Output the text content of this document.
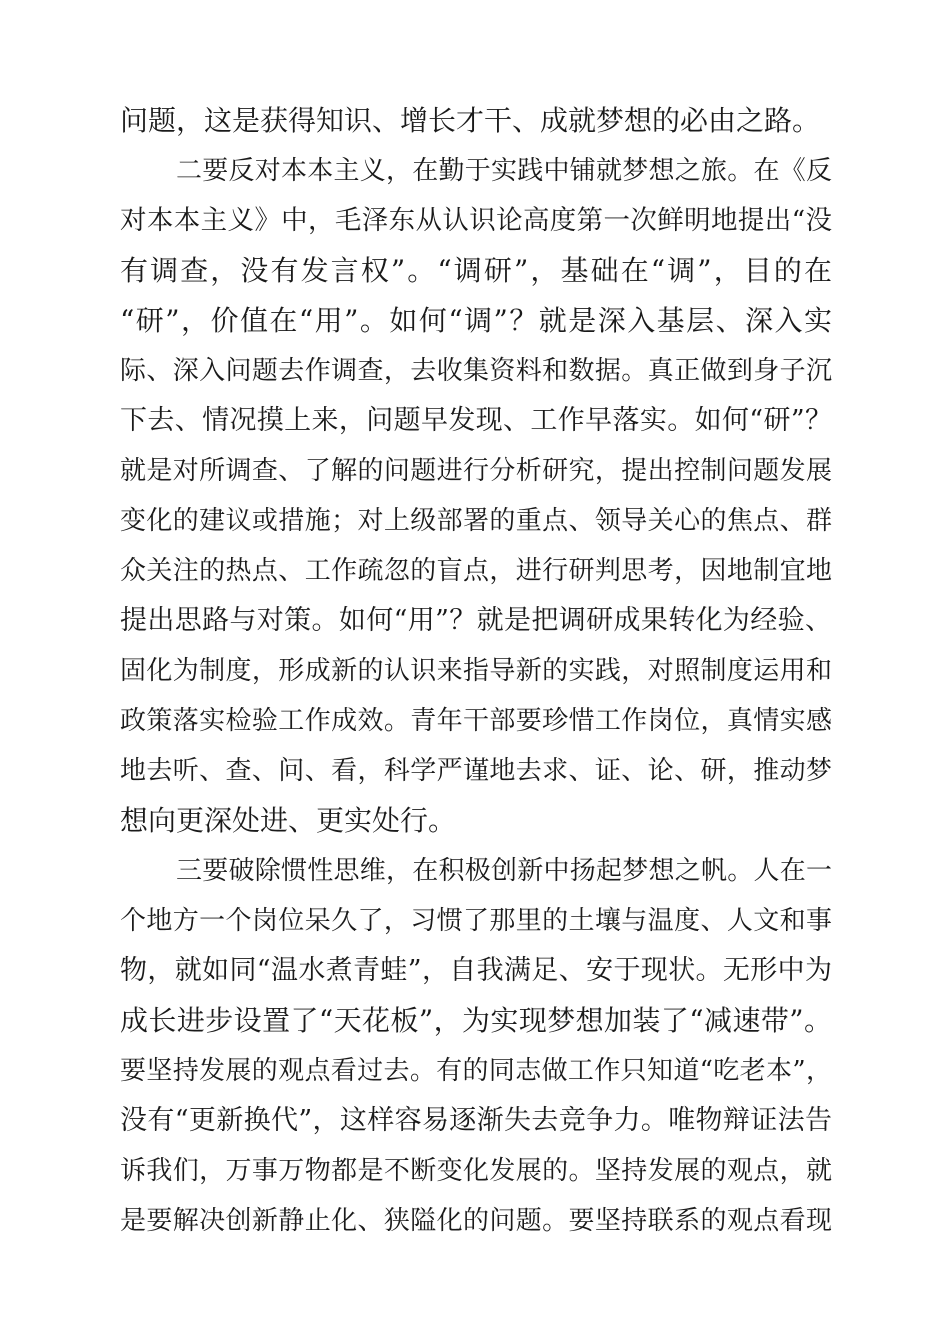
问题，这是获得知识、增长才干、成就梦想的必由之路。
二要反对本本主义，在勤于实践中铺就梦想之旅。在《反
对本本主义》中，毛泽东从认识论高度第一次鲜明地提出“没
有调查，没有发言权”。“调研”，基础在“调”，目的在
“研”，价值在“用”。如何“调”？就是深入基层、深入实
际、深入问题去作调查，去收集资料和数据。真正做到身子沉
下去、情况摸上来，问题早发现、工作早落实。如何“研”？
就是对所调查、了解的问题进行分析研究，提出控制问题发展
变化的建议或措施；对上级部署的重点、领导关心的焦点、群
众关注的热点、工作疏忽的盲点，进行研判思考，因地制宜地
提出思路与对策。如何“用”？就是把调研成果转化为经验、
固化为制度，形成新的认识来指导新的实践，对照制度运用和
政策落实检验工作成效。青年干部要珍惜工作岗位，真情实感
地去听、查、问、看，科学严谨地去求、证、论、研，推动梦
想向更深处进、更实处行。
三要破除惯性思维，在积极创新中扬起梦想之帆。人在一
个地方一个岗位呆久了，习惯了那里的土壤与温度、人文和事
物，就如同“温水煮青蛙”，自我满足、安于现状。无形中为
成长进步设置了“天花板”，为实现梦想加装了“减速带”。
要坚持发展的观点看过去。有的同志做工作只知道“吃老本”，
没有“更新换代”，这样容易逐渐失去竞争力。唯物辩证法告
诉我们，万事万物都是不断变化发展的。坚持发展的观点，就
是要解决创新静止化、狭隘化的问题。要坚持联系的观点看现
